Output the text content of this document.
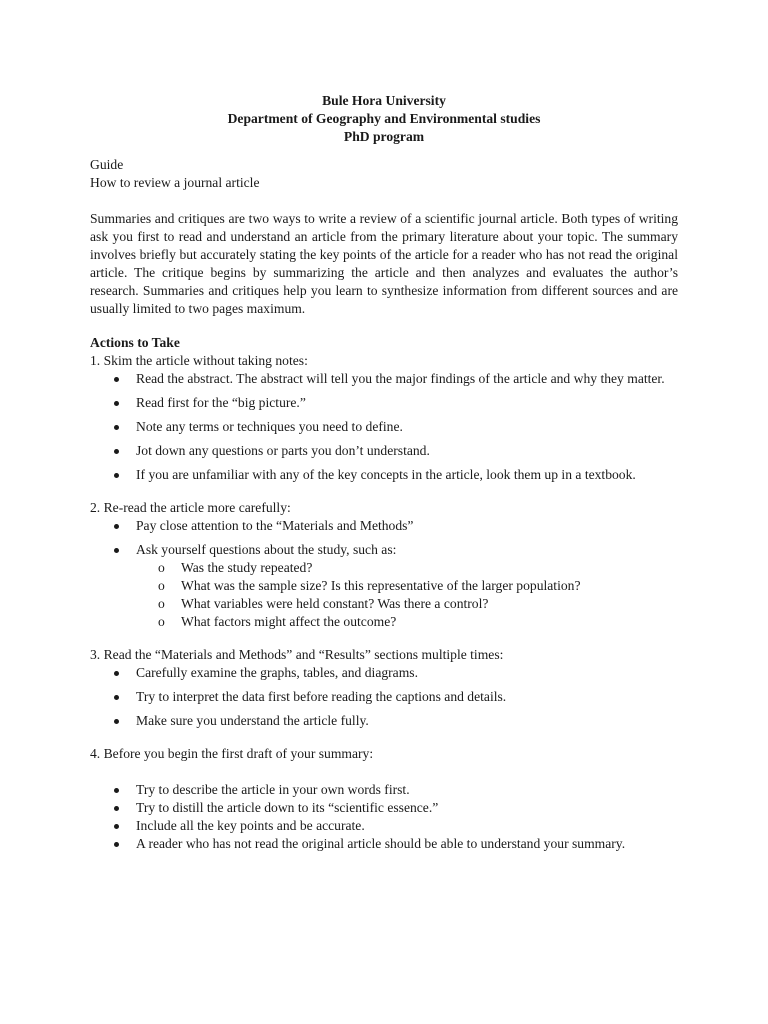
Bule Hora University
Department of Geography and Environmental studies
PhD program
Guide
How to review a journal article
Summaries and critiques are two ways to write a review of a scientific journal article. Both types of writing ask you first to read and understand an article from the primary literature about your topic. The summary involves briefly but accurately stating the key points of the article for a reader who has not read the original article. The critique begins by summarizing the article and then analyzes and evaluates the author’s research. Summaries and critiques help you learn to synthesize information from different sources and are usually limited to two pages maximum.
Actions to Take
1. Skim the article without taking notes:
Read the abstract. The abstract will tell you the major findings of the article and why they matter.
Read first for the “big picture.”
Note any terms or techniques you need to define.
Jot down any questions or parts you don’t understand.
If you are unfamiliar with any of the key concepts in the article, look them up in a textbook.
2. Re-read the article more carefully:
Pay close attention to the “Materials and Methods”
Ask yourself questions about the study, such as:
o Was the study repeated?
o What was the sample size? Is this representative of the larger population?
o What variables were held constant? Was there a control?
o What factors might affect the outcome?
3. Read the “Materials and Methods” and “Results” sections multiple times:
Carefully examine the graphs, tables, and diagrams.
Try to interpret the data first before reading the captions and details.
Make sure you understand the article fully.
4. Before you begin the first draft of your summary:
Try to describe the article in your own words first.
Try to distill the article down to its “scientific essence.”
Include all the key points and be accurate.
A reader who has not read the original article should be able to understand your summary.
